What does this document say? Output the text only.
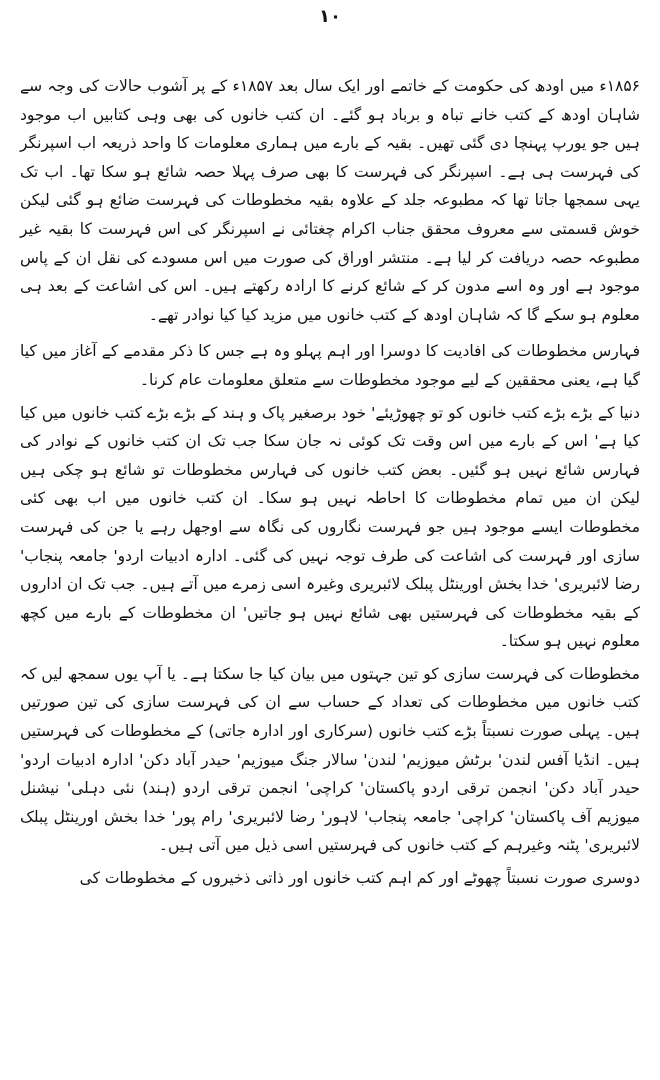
۱۰

۱۸۵۶ء میں اودھ کی حکومت کے خاتمے اور ایک سال بعد ۱۸۵۷ء کے پر آشوب حالات کی وجہ سے شاہان اودھ کے کتب خانے تباہ و برباد ہو گئے۔ ان کتب خانوں کی بھی وہی کتابیں اب موجود ہیں جو یورپ پہنچا دی گئی تھیں۔ بقیہ کے بارے میں ہماری معلومات کا واحد ذریعہ اب اسپرنگر کی فہرست ہی ہے۔ اسپرنگر کی فہرست کا بھی صرف پہلا حصہ شائع ہو سکا تھا۔ اب تک یہی سمجھا جاتا تھا کہ مطبوعہ جلد کے علاوہ بقیہ مخطوطات کی فہرست ضائع ہو گئی لیکن خوش قسمتی سے معروف محقق جناب اکرام چغتائی نے اسپرنگر کی اس فہرست کا بقیہ غیر مطبوعہ حصہ دریافت کر لیا ہے۔ منتشر اوراق کی صورت میں اس مسودے کی نقل ان کے پاس موجود ہے اور وہ اسے مدون کر کے شائع کرنے کا ارادہ رکھتے ہیں۔ اس کی اشاعت کے بعد ہی معلوم ہو سکے گا کہ شاہان اودھ کے کتب خانوں میں مزید کیا کیا نوادر تھے۔

فہارس مخطوطات کی افادیت کا دوسرا اور اہم پہلو وہ ہے جس کا ذکر مقدمے کے آغاز میں کیا گیا ہے، یعنی محققین کے لیے موجود مخطوطات سے متعلق معلومات عام کرنا۔

دنیا کے بڑے بڑے کتب خانوں کو تو چھوڑیئے' خود برصغیر پاک و ہند کے بڑے بڑے کتب خانوں میں کیا کیا ہے' اس کے بارے میں اس وقت تک کوئی نہ جان سکا جب تک ان کتب خانوں کے نوادر کی فہارس شائع نہیں ہو گئیں۔ بعض کتب خانوں کی فہارس مخطوطات تو شائع ہو چکی ہیں لیکن ان میں تمام مخطوطات کا احاطہ نہیں ہو سکا۔ ان کتب خانوں میں اب بھی کئی مخطوطات ایسے موجود ہیں جو فہرست نگاروں کی نگاہ سے اوجھل رہے یا جن کی فہرست سازی اور فہرست کی اشاعت کی طرف توجہ نہیں کی گئی۔ ادارہ ادبیات اردو' جامعہ پنجاب' رضا لائبریری' خدا بخش اورینٹل پبلک لائبریری وغیرہ اسی زمرے میں آتے ہیں۔ جب تک ان اداروں کے بقیہ مخطوطات کی فہرستیں بھی شائع نہیں ہو جاتیں' ان مخطوطات کے بارے میں کچھ معلوم نہیں ہو سکتا۔

مخطوطات کی فہرست سازی کو تین جہتوں میں بیان کیا جا سکتا ہے۔ یا آپ یوں سمجھ لیں کہ کتب خانوں میں مخطوطات کی تعداد کے حساب سے ان کی فہرست سازی کی تین صورتیں ہیں۔ پہلی صورت نسبتاً بڑے کتب خانوں (سرکاری اور ادارہ جاتی) کے مخطوطات کی فہرستیں ہیں۔ انڈیا آفس لندن' برٹش میوزیم' لندن' سالار جنگ میوزیم' حیدر آباد دکن' ادارہ ادبیات اردو' حیدر آباد دکن' انجمن ترقی اردو پاکستان' کراچی' انجمن ترقی اردو (ہند) نئی دہلی' نیشنل میوزیم آف پاکستان' کراچی' جامعہ پنجاب' لاہور' رضا لائبریری' رام پور' خدا بخش اورینٹل پبلک لائبریری' پٹنہ وغیرہم کے کتب خانوں کی فہرستیں اسی ذیل میں آتی ہیں۔

دوسری صورت نسبتاً چھوٹے اور کم اہم کتب خانوں اور ذاتی ذخیروں کے مخطوطات کی
